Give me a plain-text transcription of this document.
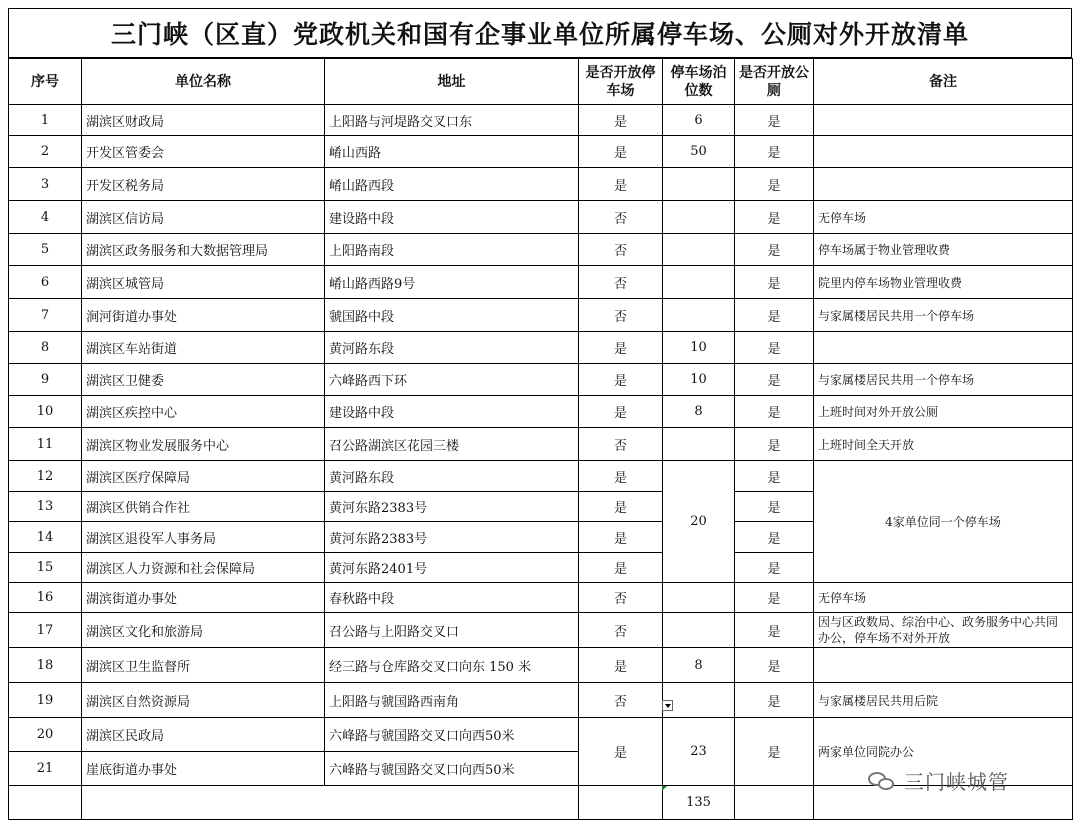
三门峡（区直）党政机关和国有企事业单位所属停车场、公厕对外开放清单
序号	单位名称	地址	是否开放停车场	停车场泊位数	是否开放公厕	备注
1	湖滨区财政局	上阳路与河堤路交叉口东	是	6	是	
2	开发区管委会	崤山西路	是	50	是	
3	开发区税务局	崤山路西段	是		是	
4	湖滨区信访局	建设路中段	否		是	无停车场
5	湖滨区政务服务和大数据管理局	上阳路南段	否		是	停车场属于物业管理收费
6	湖滨区城管局	崤山路西路9号	否		是	院里内停车场物业管理收费
7	涧河街道办事处	虢国路中段	否		是	与家属楼居民共用一个停车场
8	湖滨区车站街道	黄河路东段	是	10	是	
9	湖滨区卫健委	六峰路西下环	是	10	是	与家属楼居民共用一个停车场
10	湖滨区疾控中心	建设路中段	是	8	是	上班时间对外开放公厕
11	湖滨区物业发展服务中心	召公路湖滨区花园三楼	否		是	上班时间全天开放
12	湖滨区医疗保障局	黄河路东段	是	20	是	4家单位同一个停车场
13	湖滨区供销合作社	黄河东路2383号	是		是	
14	湖滨区退役军人事务局	黄河东路2383号	是		是	
15	湖滨区人力资源和社会保障局	黄河东路2401号	是		是	
16	湖滨街道办事处	春秋路中段	否		是	无停车场
17	湖滨区文化和旅游局	召公路与上阳路交叉口	否		是	因与区政数局、综治中心、政务服务中心共同办公，停车场不对外开放
18	湖滨区卫生监督所	经三路与仓库路交叉口向东 150 米	是	8	是	
19	湖滨区自然资源局	上阳路与虢国路西南角	否		是	与家属楼居民共用后院
20	湖滨区民政局	六峰路与虢国路交叉口向西50米	是	23	是	两家单位同院办公
21	崖底街道办事处	六峰路与虢国路交叉口向西50米				
				135		
三门峡城管
